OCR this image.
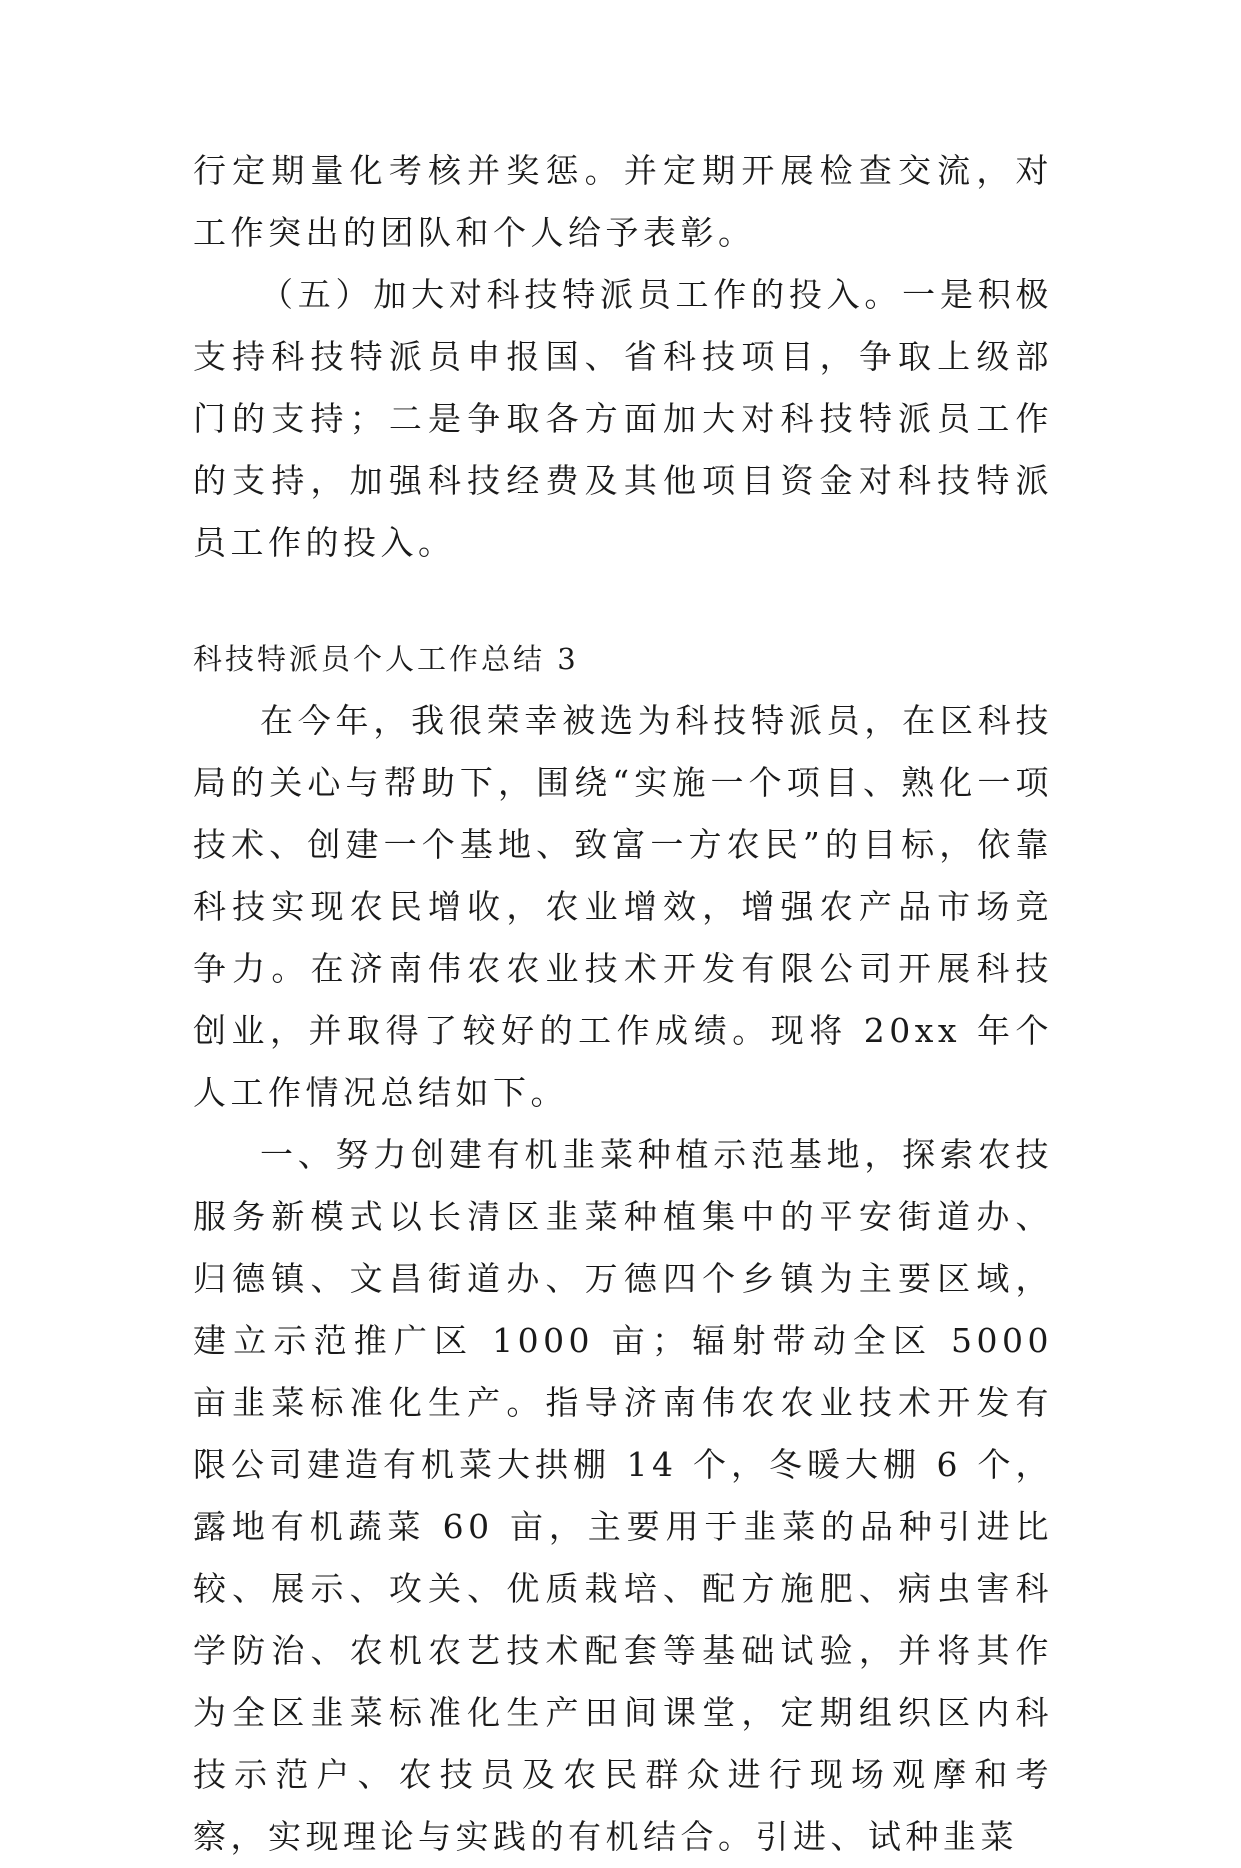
行定期量化考核并奖惩。并定期开展检查交流，对工作突出的团队和个人给予表彰。

（五）加大对科技特派员工作的投入。一是积极支持科技特派员申报国、省科技项目，争取上级部门的支持；二是争取各方面加大对科技特派员工作的支持，加强科技经费及其他项目资金对科技特派员工作的投入。

科技特派员个人工作总结 3

在今年，我很荣幸被选为科技特派员，在区科技局的关心与帮助下，围绕“实施一个项目、熟化一项技术、创建一个基地、致富一方农民”的目标，依靠科技实现农民增收，农业增效，增强农产品市场竞争力。在济南伟农农业技术开发有限公司开展科技创业，并取得了较好的工作成绩。现将 20xx 年个人工作情况总结如下。

一、努力创建有机韭菜种植示范基地，探索农技服务新模式以长清区韭菜种植集中的平安街道办、归德镇、文昌街道办、万德四个乡镇为主要区域，建立示范推广区 1000 亩；辐射带动全区 5000 亩韭菜标准化生产。指导济南伟农农业技术开发有限公司建造有机菜大拱棚 14 个，冬暖大棚 6 个，露地有机蔬菜 60 亩，主要用于韭菜的品种引进比较、展示、攻关、优质栽培、配方施肥、病虫害科学防治、农机农艺技术配套等基础试验，并将其作为全区韭菜标准化生产田间课堂，定期组织区内科技示范户、农技员及农民群众进行现场观摩和考察，实现理论与实践的有机结合。引进、试种韭菜
